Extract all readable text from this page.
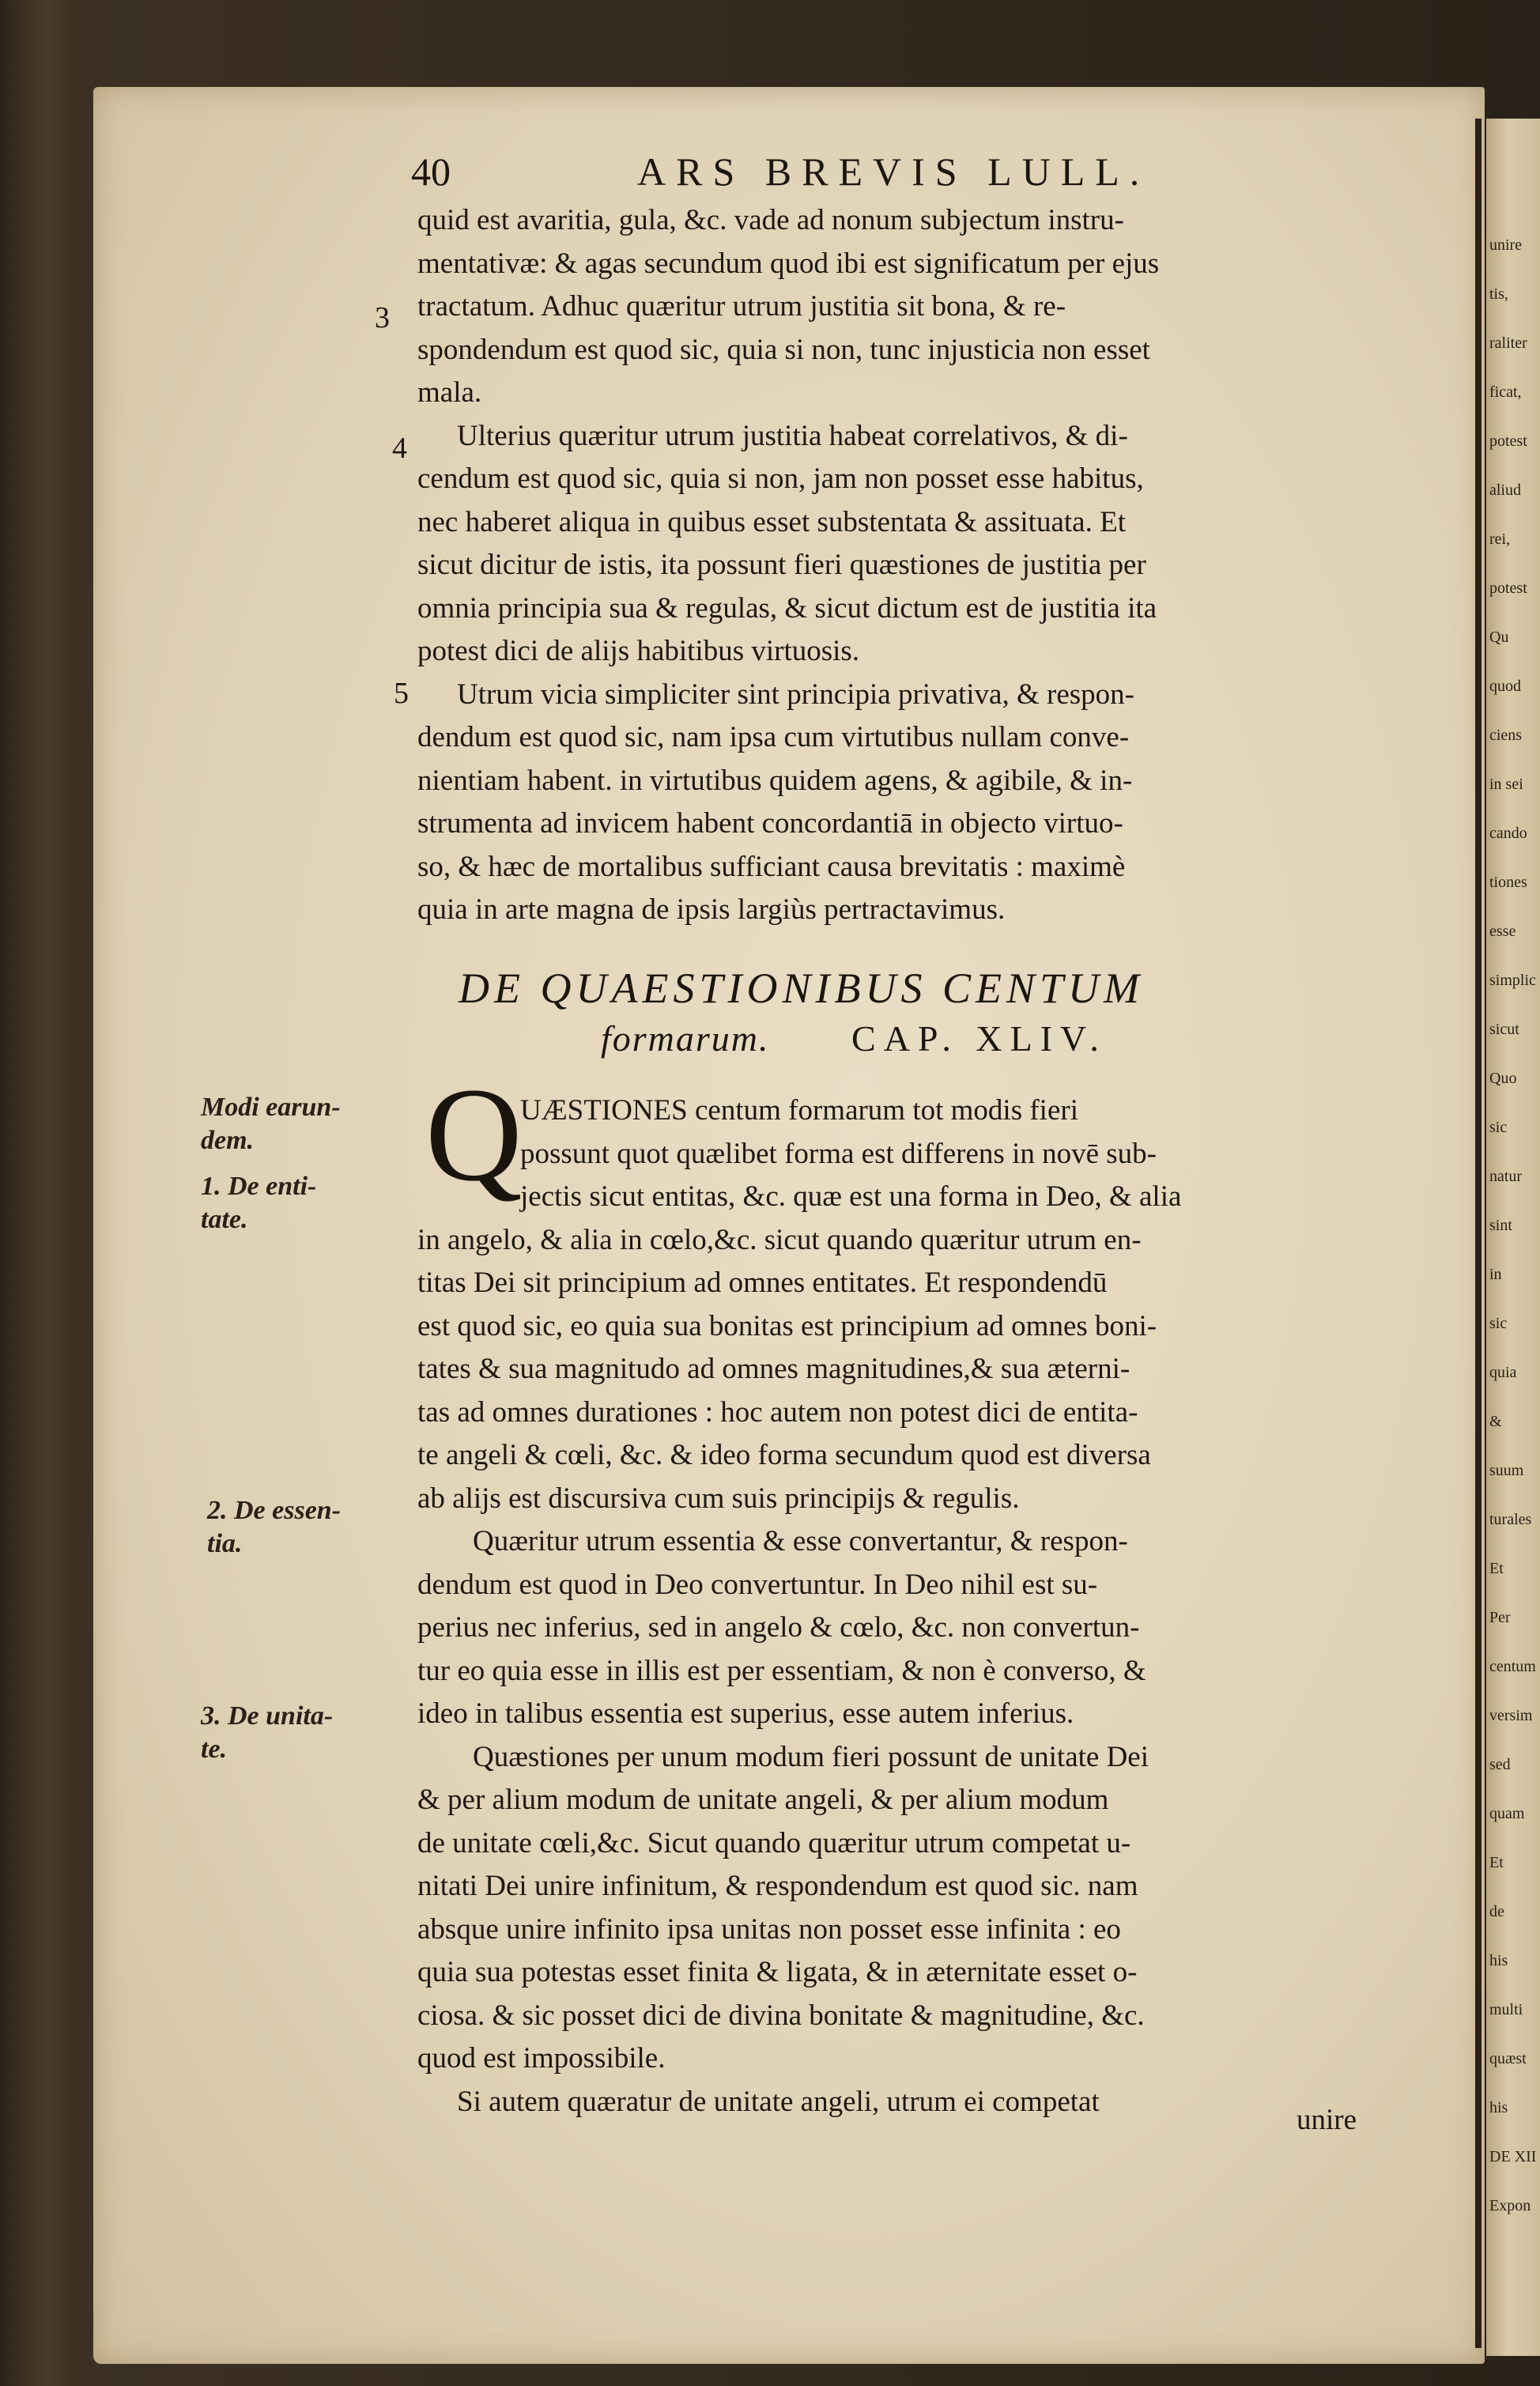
40	ARS BREVIS LULL.
3
4
5
quid est avaritia, gula, &c. vade ad nonum subjectum instru-
mentativæ: & agas secundum quod ibi est significatum per ejus
tractatum. Adhuc quæritur utrum justitia sit bona, & re-
spondendum est quod sic, quia si non, tunc injusticia non esset
mala.
Ulterius quæritur utrum justitia habeat correlativos, & di-
cendum est quod sic, quia si non, jam non posset esse habitus,
nec haberet aliqua in quibus esset substentata & assituata. Et
sicut dicitur de istis, ita possunt fieri quæstiones de justitia per
omnia principia sua & regulas, & sicut dictum est de justitia ita
potest dici de alijs habitibus virtuosis.
Utrum vicia simpliciter sint principia privativa, & respon-
dendum est quod sic, nam ipsa cum virtutibus nullam conve-
nientiam habent. in virtutibus quidem agens, & agibile, & in-
strumenta ad invicem habent concordantiā in objecto virtuo-
so, & hæc de mortalibus sufficiant causa brevitatis : maximè
quia in arte magna de ipsis largiùs pertractavimus.
DE QUAESTIONIBUS CENTUM
formarum. CAP. XLIV.
Modi earun-
dem.
1. De enti-
tate.
2. De essen-
tia.
3. De unita-
te.
Q
UÆSTIONES centum formarum tot modis fieri
possunt quot quælibet forma est differens in novē sub-
jectis sicut entitas, &c. quæ est una forma in Deo, & alia
in angelo, & alia in cœlo,&c. sicut quando quæritur utrum en-
titas Dei sit principium ad omnes entitates. Et respondendū
est quod sic, eo quia sua bonitas est principium ad omnes boni-
tates & sua magnitudo ad omnes magnitudines,& sua æterni-
tas ad omnes durationes : hoc autem non potest dici de entita-
te angeli & cœli, &c. & ideo forma secundum quod est diversa
ab alijs est discursiva cum suis principijs & regulis.
Quæritur utrum essentia & esse convertantur, & respon-
dendum est quod in Deo convertuntur. In Deo nihil est su-
perius nec inferius, sed in angelo & cœlo, &c. non convertun-
tur eo quia esse in illis est per essentiam, & non è converso, &
ideo in talibus essentia est superius, esse autem inferius.
Quæstiones per unum modum fieri possunt de unitate Dei
& per alium modum de unitate angeli, & per alium modum
de unitate cœli,&c. Sicut quando quæritur utrum competat u-
nitati Dei unire infinitum, & respondendum est quod sic. nam
absque unire infinito ipsa unitas non posset esse infinita : eo
quia sua potestas esset finita & ligata, & in æternitate esset o-
ciosa. & sic posset dici de divina bonitate & magnitudine, &c.
quod est impossibile.
Si autem quæratur de unitate angeli, utrum ei competat
unire
unire
tis,
raliter
ficat,
potest
aliud
rei,
potest
Qu
quod
ciens
in sei
cando
tiones
esse
simplic
sicut
Quo
sic
natur
sint
in
sic
quia
&
suum
turales
Et
Per
centum
versim
sed
quam
Et
de
his
multi
quæst
his
DE XII
Expon
